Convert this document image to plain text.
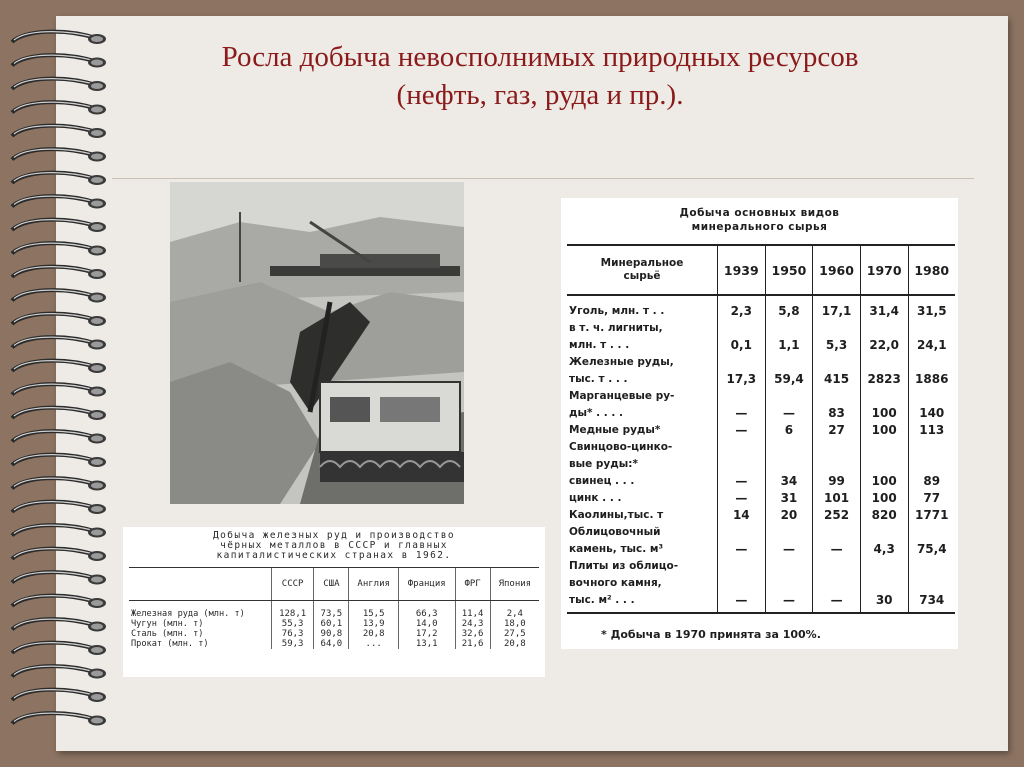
Росла добыча невосполнимых природных ресурсов
(нефть, газ, руда и пр.).
Добыча железных руд и производство
чёрных металлов в СССР и главных
капиталистических странах в 1962.
	СССР	США	Англия	Франция	ФРГ	Япония
Железная руда (млн. т)	128,1	73,5	15,5	66,3	11,4	2,4
Чугун (млн. т)	55,3	60,1	13,9	14,0	24,3	18,0
Сталь (млн. т)	76,3	90,8	20,8	17,2	32,6	27,5
Прокат (млн. т)	59,3	64,0	...	13,1	21,6	20,8
Добыча основных видов
минерального сырья
Минеральное
сырьё	1939	1950	1960	1970	1980
Уголь, млн. т . .	2,3	5,8	17,1	31,4	31,5
в т. ч. лигниты,					
млн. т . . .	0,1	1,1	5,3	22,0	24,1
Железные руды,					
тыс. т . . .	17,3	59,4	415	2823	1886
Марганцевые ру-					
ды* . . . .	—	—	83	100	140
Медные руды*	—	6	27	100	113
Свинцово-цинко-					
вые руды:*					
свинец . . .	—	34	99	100	89
цинк . . .	—	31	101	100	77
Каолины,тыс. т	14	20	252	820	1771
Облицовочный					
камень, тыс. м³	—	—	—	4,3	75,4
Плиты из облицо-					
вочного камня,					
тыс. м² . . .	—	—	—	30	734
* Добыча в 1970 принята за 100%.
